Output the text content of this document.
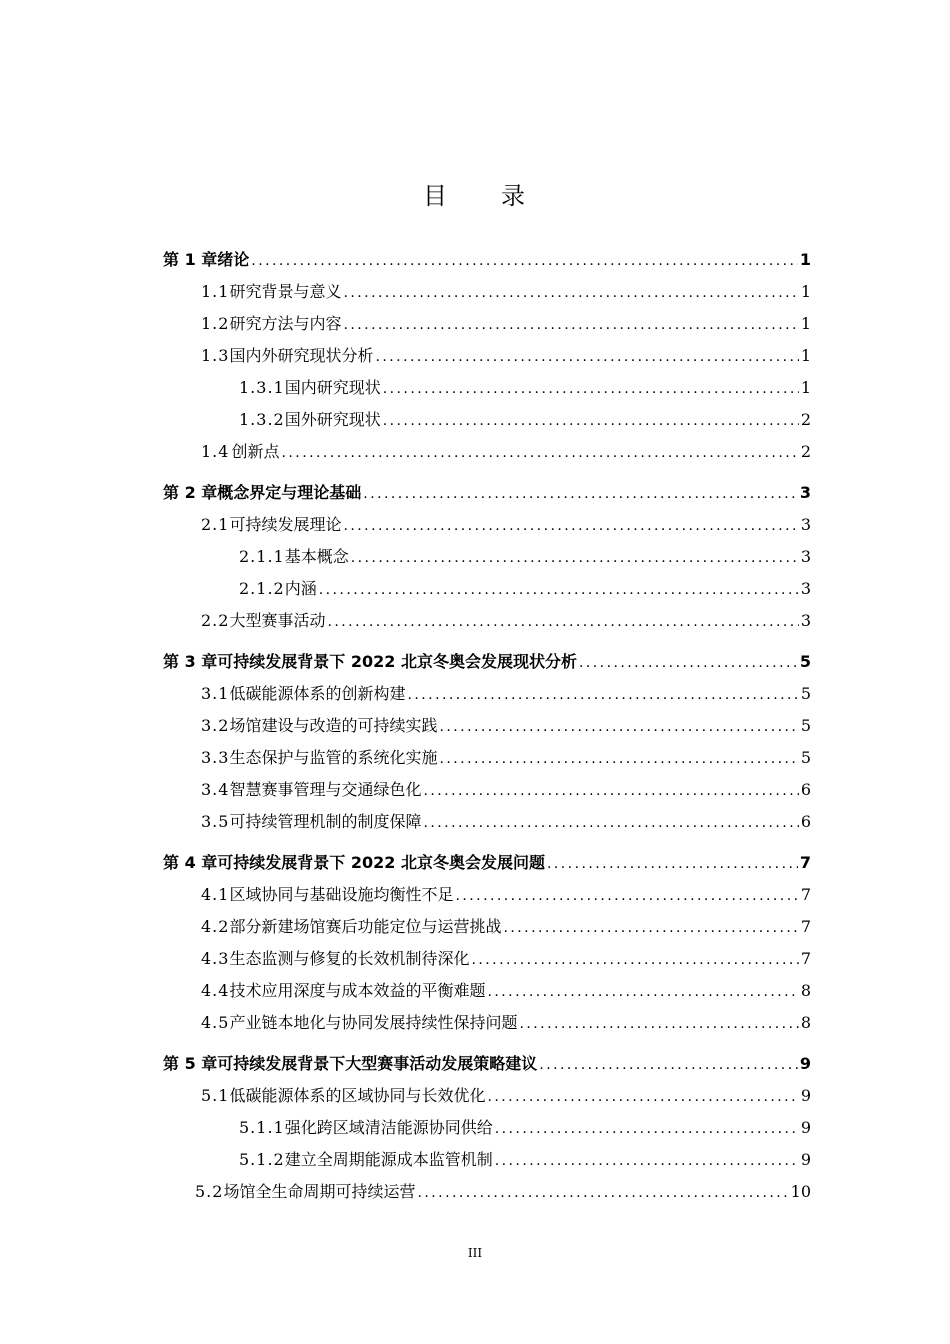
目　　录
第 1 章 绪论 . . .	1
1.1 研究背景与意义 . . .	1
1.2 研究方法与内容 . . .	1
1.3 国内外研究现状分析 . . .	1
1.3.1 国内研究现状 . . .	1
1.3.2 国外研究现状 . . .	2
1.4 创新点 . . .	2
第 2 章 概念界定与理论基础 . . .	3
2.1 可持续发展理论 . . .	3
2.1.1 基本概念 . . .	3
2.1.2 内涵 . . .	3
2.2 大型赛事活动 . . .	3
第 3 章 可持续发展背景下 2022 北京冬奥会发展现状分析 . . .	5
3.1 低碳能源体系的创新构建 . . .	5
3.2 场馆建设与改造的可持续实践 . . .	5
3.3 生态保护与监管的系统化实施 . . .	5
3.4 智慧赛事管理与交通绿色化 . . .	6
3.5 可持续管理机制的制度保障 . . .	6
第 4 章 可持续发展背景下 2022 北京冬奥会发展问题 . . .	7
4.1 区域协同与基础设施均衡性不足 . . .	7
4.2 部分新建场馆赛后功能定位与运营挑战 . . .	7
4.3 生态监测与修复的长效机制待深化 . . .	7
4.4 技术应用深度与成本效益的平衡难题 . . .	8
4.5 产业链本地化与协同发展持续性保持问题 . . .	8
第 5 章 可持续发展背景下大型赛事活动发展策略建议 . . .	9
5.1 低碳能源体系的区域协同与长效优化 . . .	9
5.1.1 强化跨区域清洁能源协同供给 . . .	9
5.1.2 建立全周期能源成本监管机制 . . .	9
5.2 场馆全生命周期可持续运营 . . .	10
III
